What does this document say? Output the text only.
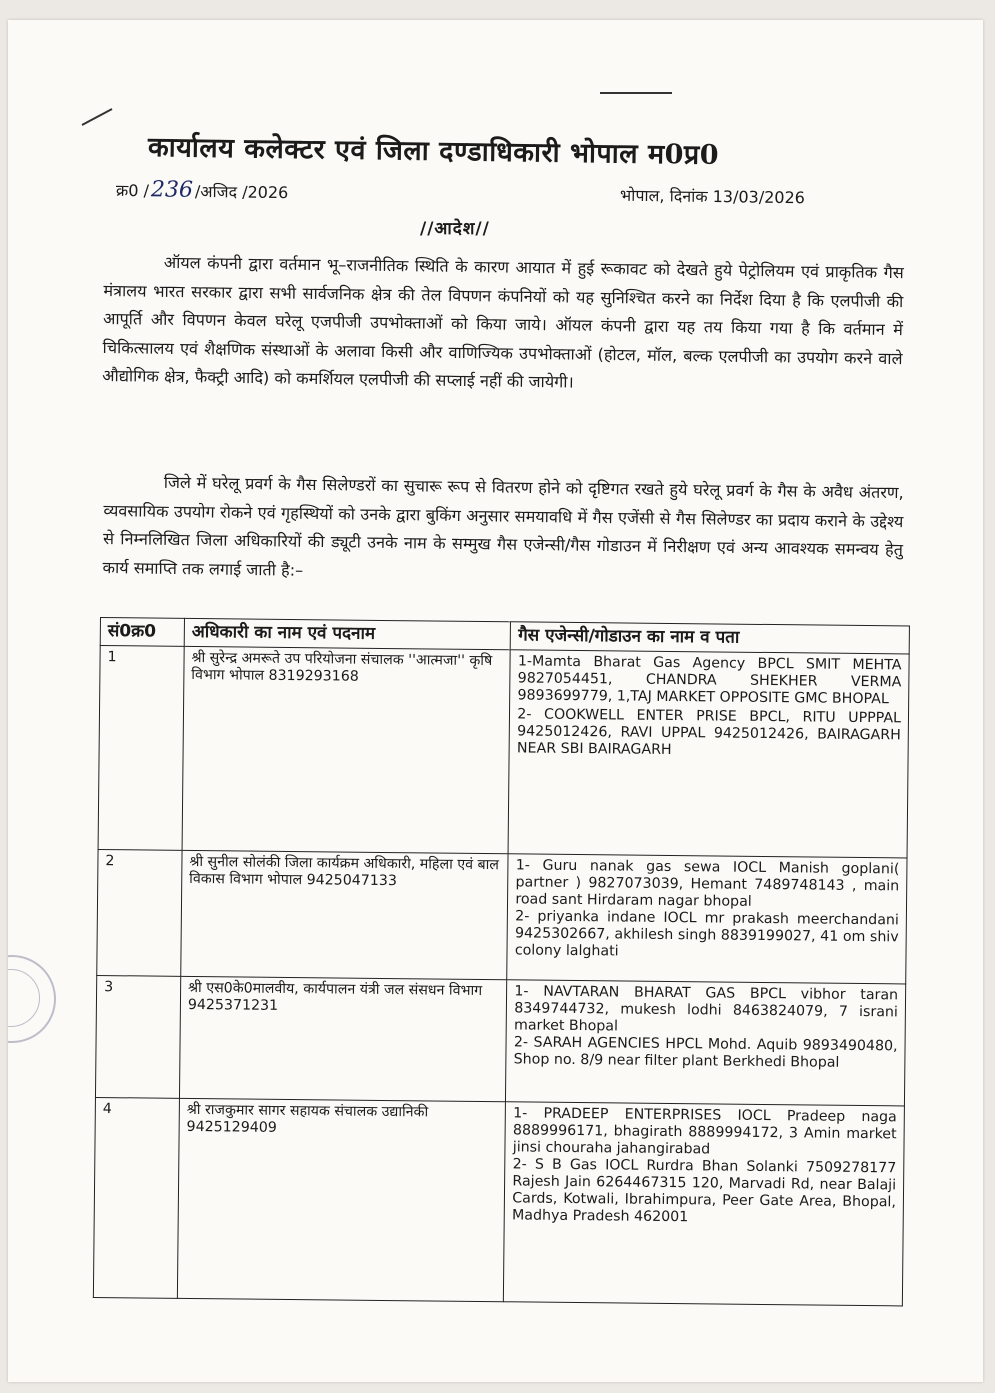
कार्यालय कलेक्टर एवं जिला दण्डाधिकारी भोपाल म0प्र0
क्र0 /236 /अजिद /2026	भोपाल, दिनांक 13/03/2026
//आदेश//
ऑयल कंपनी द्वारा वर्तमान भू–राजनीतिक स्थिति के कारण आयात में हुई रूकावट को देखते हुये पेट्रोलियम एवं प्राकृतिक गैस मंत्रालय भारत सरकार द्वारा सभी सार्वजनिक क्षेत्र की तेल विपणन कंपनियों को यह सुनिश्चित करने का निर्देश दिया है कि एलपीजी की आपूर्ति और विपणन केवल घरेलू एजपीजी उपभोक्ताओं को किया जाये। ऑयल कंपनी द्वारा यह तय किया गया है कि वर्तमान में चिकित्सालय एवं शैक्षणिक संस्थाओं के अलावा किसी और वाणिज्यिक उपभोक्ताओं (होटल, मॉल, बल्क एलपीजी का उपयोग करने वाले औद्योगिक क्षेत्र, फैक्ट्री आदि) को कमर्शियल एलपीजी की सप्लाई नहीं की जायेगी।
जिले में घरेलू प्रवर्ग के गैस सिलेण्डरों का सुचारू रूप से वितरण होने को दृष्टिगत रखते हुये घरेलू प्रवर्ग के गैस के अवैध अंतरण, व्यवसायिक उपयोग रोकने एवं गृहस्थियों को उनके द्वारा बुकिंग अनुसार समयावधि में गैस एजेंसी से गैस सिलेण्डर का प्रदाय कराने के उद्देश्य से निम्नलिखित जिला अधिकारियों की ड्यूटी उनके नाम के सम्मुख गैस एजेन्सी/गैस गोडाउन में निरीक्षण एवं अन्य आवश्यक समन्वय हेतु कार्य समाप्ति तक लगाई जाती है:–
सं0क्र0	अधिकारी का नाम एवं पदनाम	गैस एजेन्सी/गोडाउन का नाम व पता
1	श्री सुरेन्द्र अमरूते उप परियोजना संचालक ''आत्मजा'' कृषि विभाग भोपाल 8319293168	1-Mamta Bharat Gas Agency BPCL SMIT MEHTA 9827054451, CHANDRA SHEKHER VERMA 9893699779, 1,TAJ MARKET OPPOSITE GMC BHOPAL
2- COOKWELL ENTER PRISE BPCL, RITU UPPPAL 9425012426, RAVI UPPAL 9425012426, BAIRAGARH NEAR SBI BAIRAGARH

2	श्री सुनील सोलंकी जिला कार्यक्रम अधिकारी, महिला एवं बाल विकास विभाग भोपाल 9425047133	1- Guru nanak gas sewa IOCL Manish goplani( partner ) 9827073039, Hemant 7489748143 , main road sant Hirdaram nagar bhopal
2- priyanka indane IOCL mr prakash meerchandani 9425302667, akhilesh singh 8839199027, 41 om shiv colony lalghati

3	श्री एस0के0मालवीय, कार्यपालन यंत्री जल संसधन विभाग 9425371231	1- NAVTARAN BHARAT GAS BPCL vibhor taran 8349744732, mukesh lodhi 8463824079, 7 israni market Bhopal
2- SARAH AGENCIES HPCL Mohd. Aquib 9893490480, Shop no. 8/9 near filter plant Berkhedi Bhopal

4	श्री राजकुमार सागर सहायक संचालक उद्यानिकी 9425129409	1- PRADEEP ENTERPRISES IOCL Pradeep naga 8889996171, bhagirath 8889994172, 3 Amin market jinsi chouraha jahangirabad
2- S B Gas IOCL Rurdra Bhan Solanki 7509278177 Rajesh Jain 6264467315 120, Marvadi Rd, near Balaji Cards, Kotwali, Ibrahimpura, Peer Gate Area, Bhopal, Madhya Pradesh 462001
